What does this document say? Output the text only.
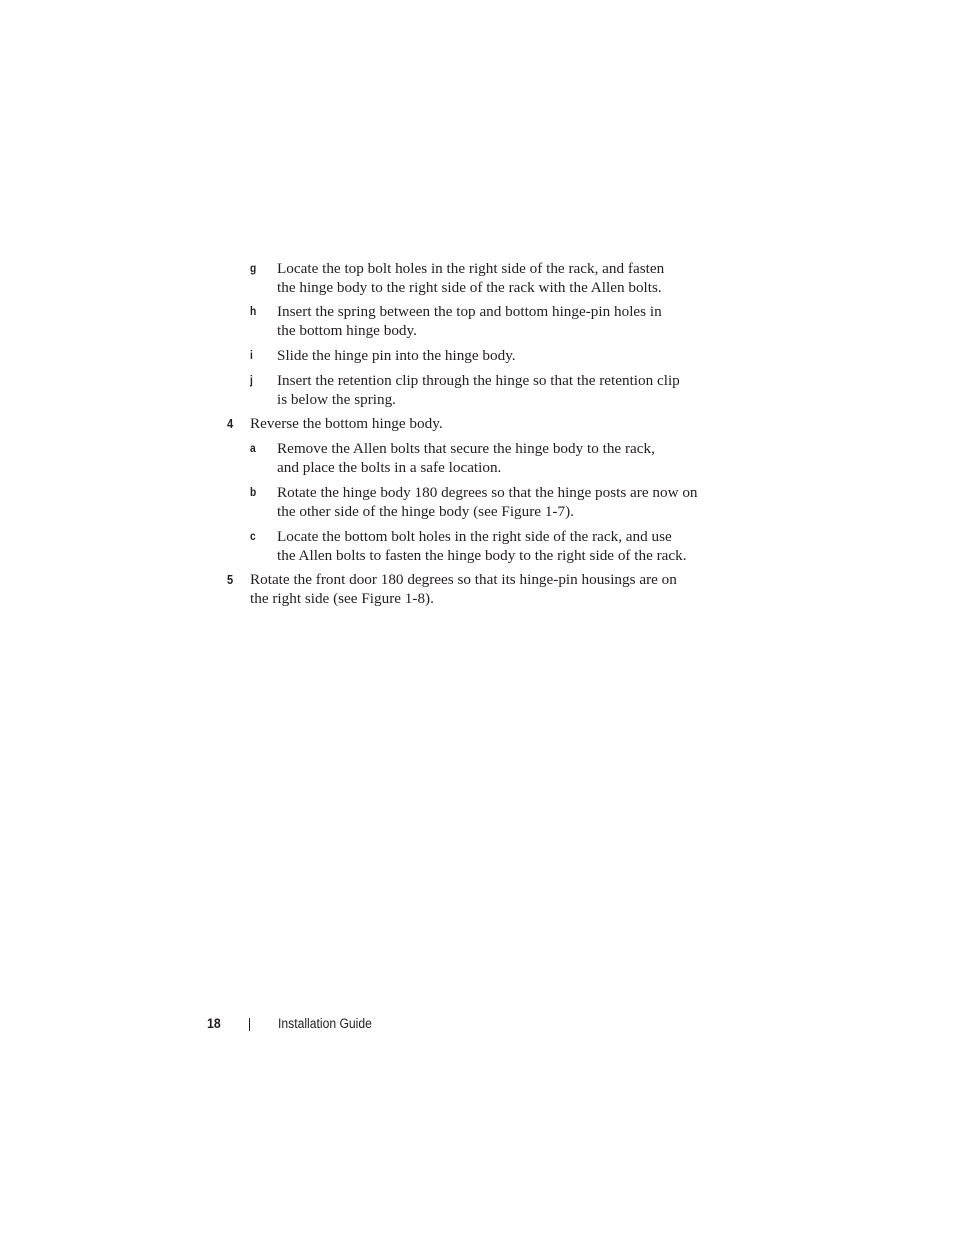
g Locate the top bolt holes in the right side of the rack, and fasten
the hinge body to the right side of the rack with the Allen bolts.
h Insert the spring between the top and bottom hinge-pin holes in
the bottom hinge body.
i Slide the hinge pin into the hinge body.
j Insert the retention clip through the hinge so that the retention clip
is below the spring.
4 Reverse the bottom hinge body.
a Remove the Allen bolts that secure the hinge body to the rack,
and place the bolts in a safe location.
b Rotate the hinge body 180 degrees so that the hinge posts are now on
the other side of the hinge body (see Figure 1-7).
c Locate the bottom bolt holes in the right side of the rack, and use
the Allen bolts to fasten the hinge body to the right side of the rack.
5 Rotate the front door 180 degrees so that its hinge-pin housings are on
the right side (see Figure 1-8).
18	Installation Guide
